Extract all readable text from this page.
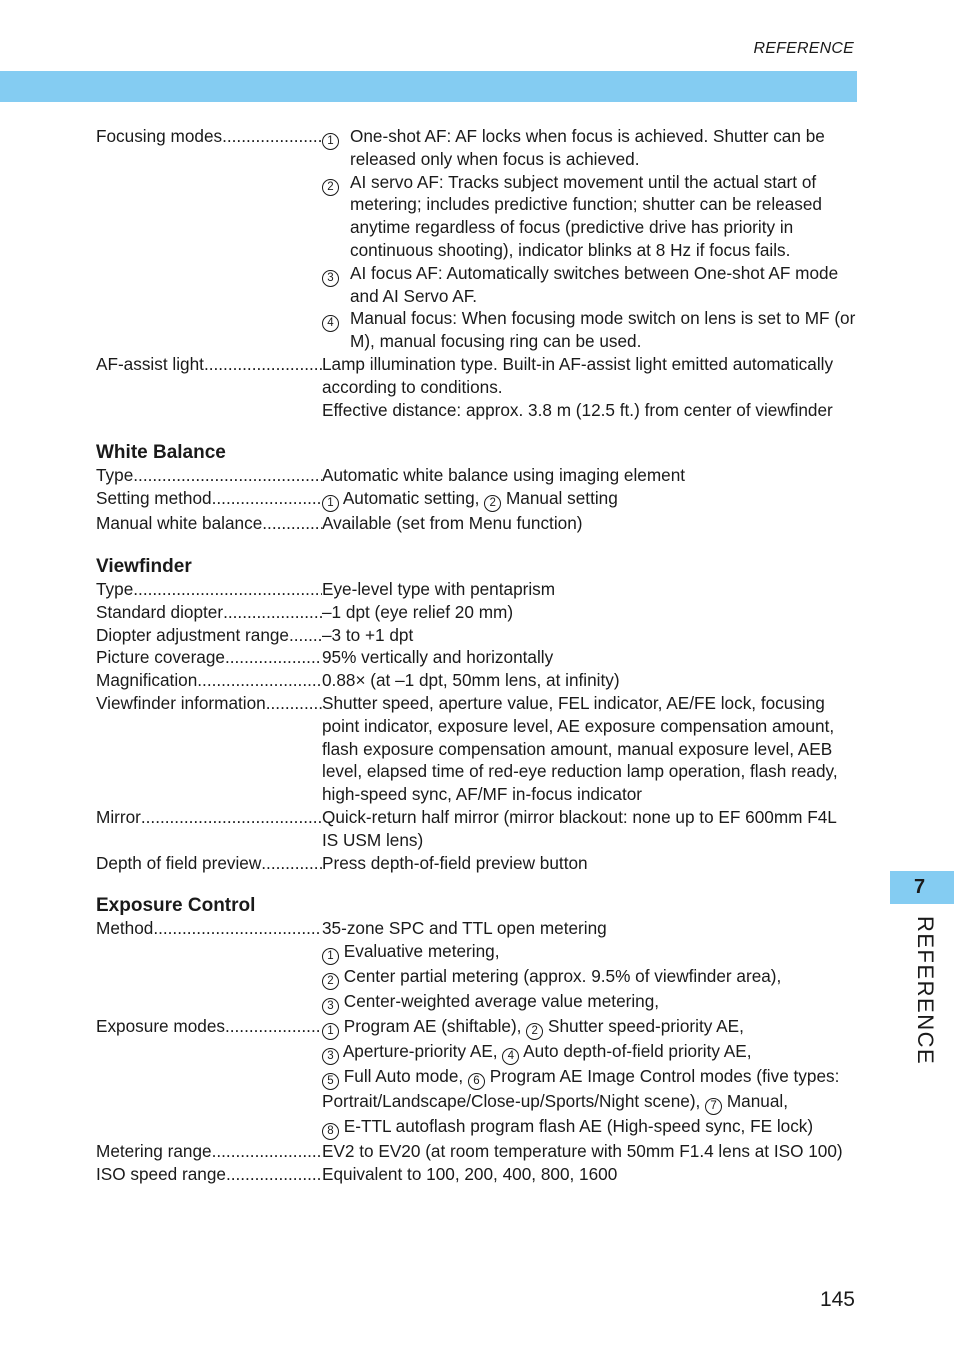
REFERENCE
Focusing modes .....	1 One-shot AF: AF locks when focus is achieved. Shutter can be released only when focus is achieved.
2 AI servo AF: Tracks subject movement until the actual start of metering; includes predictive function; shutter can be released anytime regardless of focus (predictive drive has priority in continuous shooting), indicator blinks at 8 Hz if focus fails.
3 AI focus AF: Automatically switches between One-shot AF mode and AI Servo AF.
4 Manual focus: When focusing mode switch on lens is set to MF (or M), manual focusing ring can be used.
AF-assist light .....	Lamp illumination type. Built-in AF-assist light emitted automatically according to conditions.
Effective distance: approx. 3.8 m (12.5 ft.) from center of viewfinder
White Balance
Type .....	Automatic white balance using imaging element
Setting method .....	1 Automatic setting, 2 Manual setting
Manual white balance .....	Available (set from Menu function)
Viewfinder
Type .....	Eye-level type with pentaprism
Standard diopter .....	–1 dpt (eye relief 20 mm)
Diopter adjustment range ..... –3 to +1 dpt
Picture coverage .....	95% vertically and horizontally
Magnification .....	0.88× (at –1 dpt, 50mm lens, at infinity)
Viewfinder information .....	Shutter speed, aperture value, FEL indicator, AE/FE lock, focusing point indicator, exposure level, AE exposure compensation amount, flash exposure compensation amount, manual exposure level, AEB level, elapsed time of red-eye reduction lamp operation, flash ready, high-speed sync, AF/MF in-focus indicator
Mirror .....	Quick-return half mirror (mirror blackout: none up to EF 600mm F4L IS USM lens)
Depth of field preview .....	Press depth-of-field preview button
Exposure Control
Method .....	35-zone SPC and TTL open metering
1 Evaluative metering,
2 Center partial metering (approx. 9.5% of viewfinder area),
3 Center-weighted average value metering,
Exposure modes .....	1 Program AE (shiftable), 2 Shutter speed-priority AE,
3 Aperture-priority AE, 4 Auto depth-of-field priority AE,
5 Full Auto mode, 6 Program AE Image Control modes (five types: Portrait/Landscape/Close-up/Sports/Night scene), 7 Manual,
8 E-TTL autoflash program flash AE (High-speed sync, FE lock)
Metering range .....	EV2 to EV20 (at room temperature with 50mm F1.4 lens at ISO 100)
ISO speed range .....	Equivalent to 100, 200, 400, 800, 1600
7
REFERENCE
145
